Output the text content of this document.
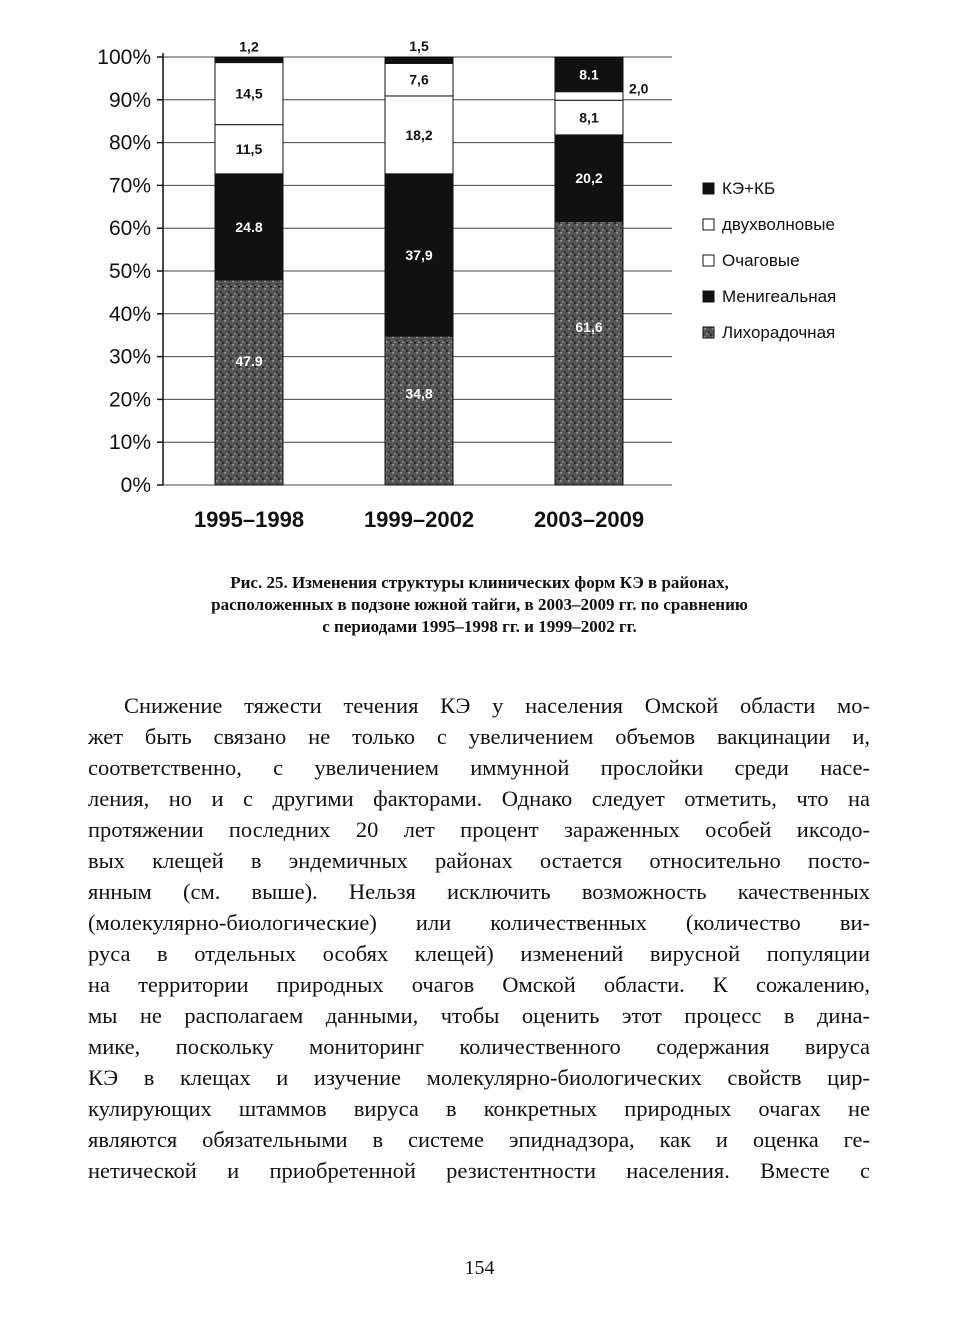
0%
10%
20%
30%
40%
50%
60%
70%
80%
90%
100%
47.9
24.8
11,5
14,5
1,2
34,8
37,9
18,2
7,6
1,5
61,6
20,2
8,1
2,0
8.1
1995–1998	1999–2002	2003–2009
КЭ+КБ
двухволновые
Очаговые
Менигеальная
Лихорадочная
Рис. 25. Изменения структуры клинических форм КЭ в районах,
расположенных в подзоне южной тайги, в 2003–2009 гг. по сравнению
с периодами 1995–1998 гг. и 1999–2002 гг.
Снижение тяжести течения КЭ у населения Омской области мо-
жет быть связано не только с увеличением объемов вакцинации и,
соответственно, с увеличением иммунной прослойки среди насе-
ления, но и с другими факторами. Однако следует отметить, что на
протяжении последних 20 лет процент зараженных особей иксодо-
вых клещей в эндемичных районах остается относительно посто-
янным (см. выше). Нельзя исключить возможность качественных
(молекулярно-биологические) или количественных (количество ви-
руса в отдельных особях клещей) изменений вирусной популяции
на территории природных очагов Омской области. К сожалению,
мы не располагаем данными, чтобы оценить этот процесс в дина-
мике, поскольку мониторинг количественного содержания вируса
КЭ в клещах и изучение молекулярно-биологических свойств цир-
кулирующих штаммов вируса в конкретных природных очагах не
являются обязательными в системе эпиднадзора, как и оценка ге-
нетической и приобретенной резистентности населения. Вместе с
154
